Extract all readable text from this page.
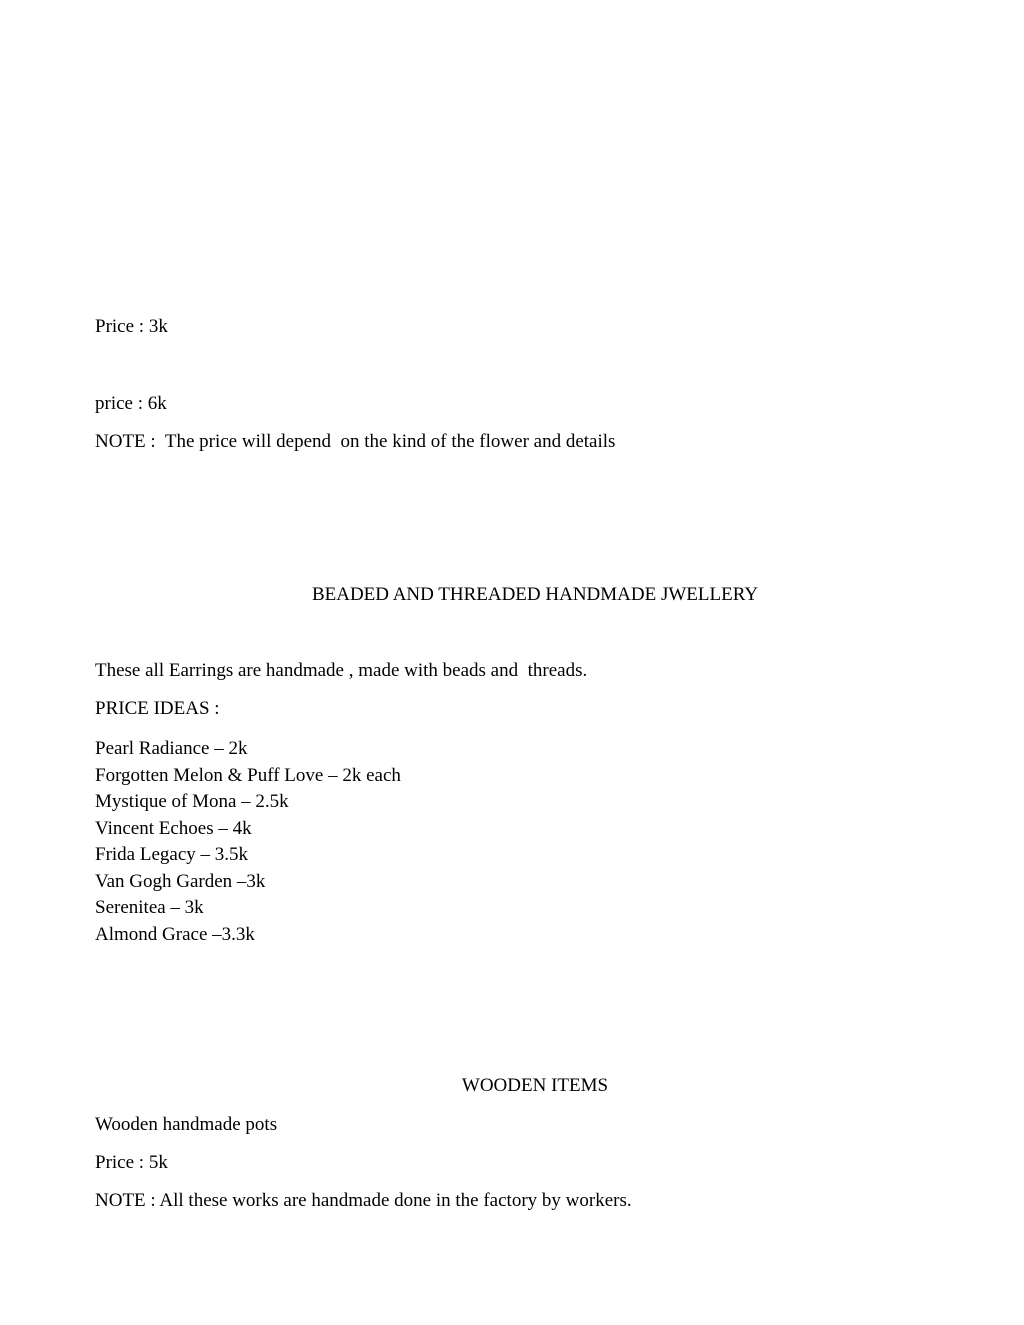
Price : 3k
price : 6k
NOTE :  The price will depend  on the kind of the flower and details
BEADED AND THREADED HANDMADE JWELLERY
These all Earrings are handmade , made with beads and  threads.
PRICE IDEAS :
Pearl Radiance – 2k
Forgotten Melon & Puff Love – 2k each
Mystique of Mona – 2.5k
Vincent Echoes – 4k
Frida Legacy – 3.5k
Van Gogh Garden –3k
Serenitea – 3k
Almond Grace –3.3k
WOODEN ITEMS
Wooden handmade pots
Price : 5k
NOTE : All these works are handmade done in the factory by workers.
